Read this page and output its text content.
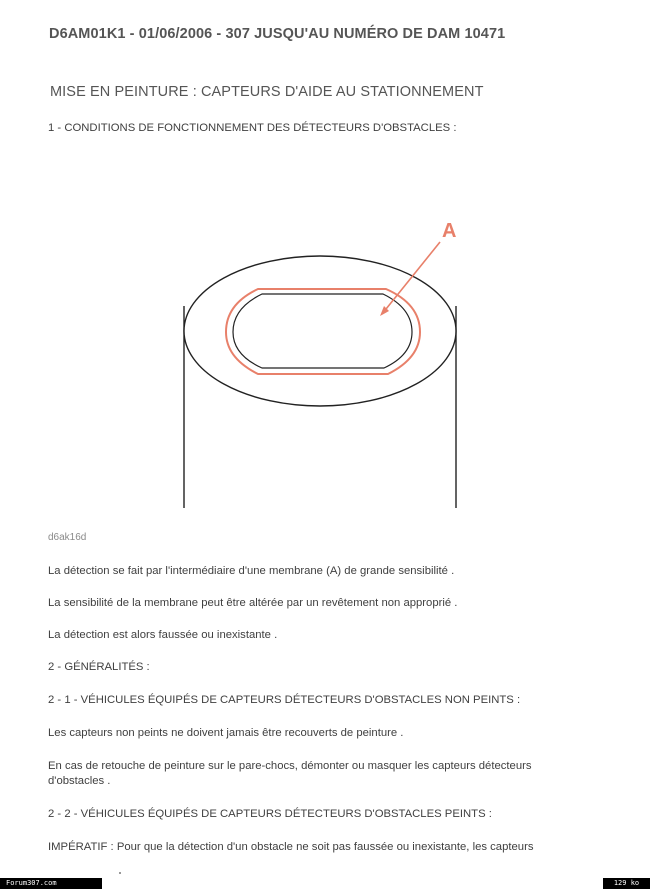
D6AM01K1 - 01/06/2006 - 307 JUSQU'AU NUMÉRO DE DAM 10471
MISE EN PEINTURE : CAPTEURS D'AIDE AU STATIONNEMENT
1 - CONDITIONS DE FONCTIONNEMENT DES DÉTECTEURS D'OBSTACLES :
A
d6ak16d
La détection se fait par l'intermédiaire d'une membrane (A) de grande sensibilité .
La sensibilité de la membrane peut être altérée par un revêtement non approprié .
La détection est alors faussée ou inexistante .
2 - GÉNÉRALITÉS :
2 - 1 - VÉHICULES ÉQUIPÉS DE CAPTEURS DÉTECTEURS D'OBSTACLES NON PEINTS :
Les capteurs non peints ne doivent jamais être recouverts de peinture .
En cas de retouche de peinture sur le pare-chocs, démonter ou masquer les capteurs détecteurs
d'obstacles .
2 - 2 - VÉHICULES ÉQUIPÉS DE CAPTEURS DÉTECTEURS D'OBSTACLES PEINTS :
IMPÉRATIF : Pour que la détection d'un obstacle ne soit pas faussée ou inexistante, les capteurs
Forum307.com	129 ko
